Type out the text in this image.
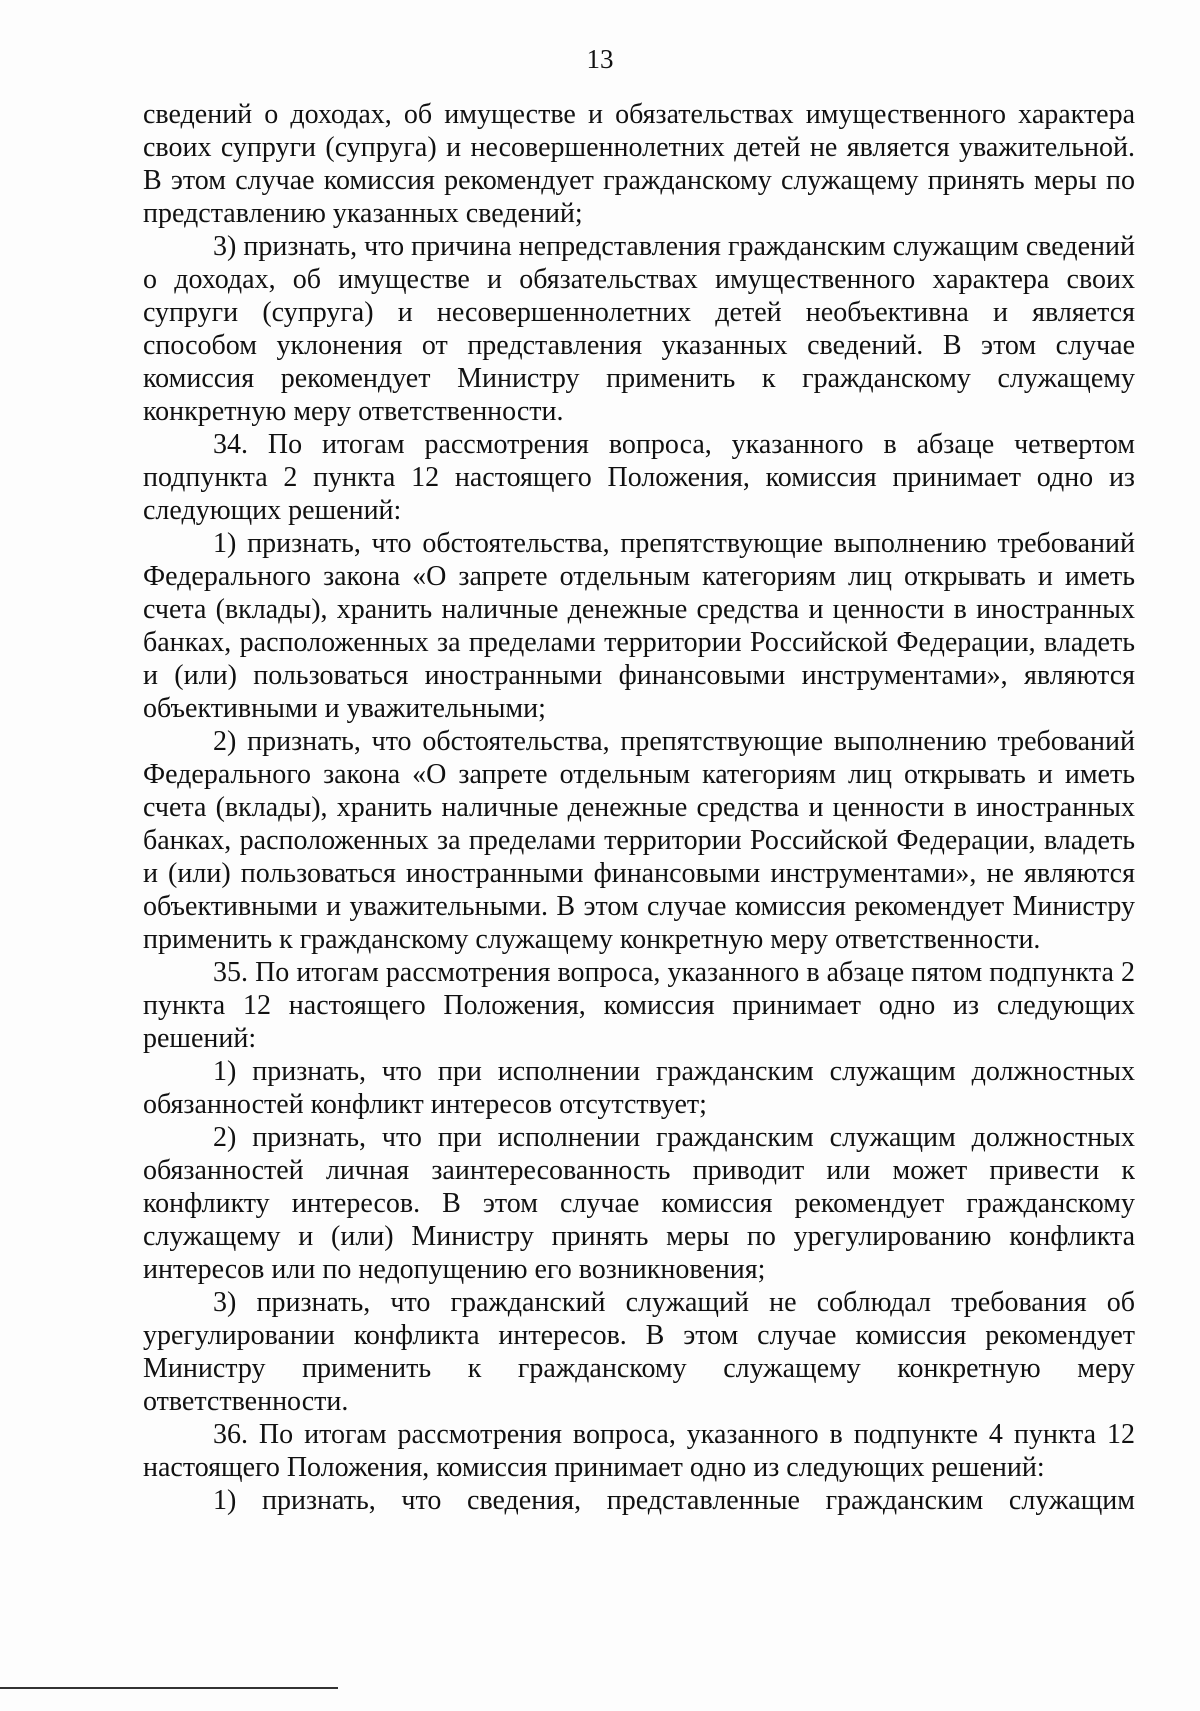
13

сведений о доходах, об имуществе и обязательствах имущественного характера своих супруги (супруга) и несовершеннолетних детей не является уважительной. В этом случае комиссия рекомендует гражданскому служащему принять меры по представлению указанных сведений;

3) признать, что причина непредставления гражданским служащим сведений о доходах, об имуществе и обязательствах имущественного характера своих супруги (супруга) и несовершеннолетних детей необъективна и является способом уклонения от представления указанных сведений. В этом случае комиссия рекомендует Министру применить к гражданскому служащему конкретную меру ответственности.

34. По итогам рассмотрения вопроса, указанного в абзаце четвертом подпункта 2 пункта 12 настоящего Положения, комиссия принимает одно из следующих решений:

1) признать, что обстоятельства, препятствующие выполнению требований Федерального закона «О запрете отдельным категориям лиц открывать и иметь счета (вклады), хранить наличные денежные средства и ценности в иностранных банках, расположенных за пределами территории Российской Федерации, владеть и (или) пользоваться иностранными финансовыми инструментами», являются объективными и уважительными;

2) признать, что обстоятельства, препятствующие выполнению требований Федерального закона «О запрете отдельным категориям лиц открывать и иметь счета (вклады), хранить наличные денежные средства и ценности в иностранных банках, расположенных за пределами территории Российской Федерации, владеть и (или) пользоваться иностранными финансовыми инструментами», не являются объективными и уважительными. В этом случае комиссия рекомендует Министру применить к гражданскому служащему конкретную меру ответственности.

35. По итогам рассмотрения вопроса, указанного в абзаце пятом подпункта 2 пункта 12 настоящего Положения, комиссия принимает одно из следующих решений:

1) признать, что при исполнении гражданским служащим должностных обязанностей конфликт интересов отсутствует;

2) признать, что при исполнении гражданским служащим должностных обязанностей личная заинтересованность приводит или может привести к конфликту интересов. В этом случае комиссия рекомендует гражданскому служащему и (или) Министру принять меры по урегулированию конфликта интересов или по недопущению его возникновения;

3) признать, что гражданский служащий не соблюдал требования об урегулировании конфликта интересов. В этом случае комиссия рекомендует Министру применить к гражданскому служащему конкретную меру ответственности.

36. По итогам рассмотрения вопроса, указанного в подпункте 4 пункта 12 настоящего Положения, комиссия принимает одно из следующих решений:

1) признать, что сведения, представленные гражданским служащим
